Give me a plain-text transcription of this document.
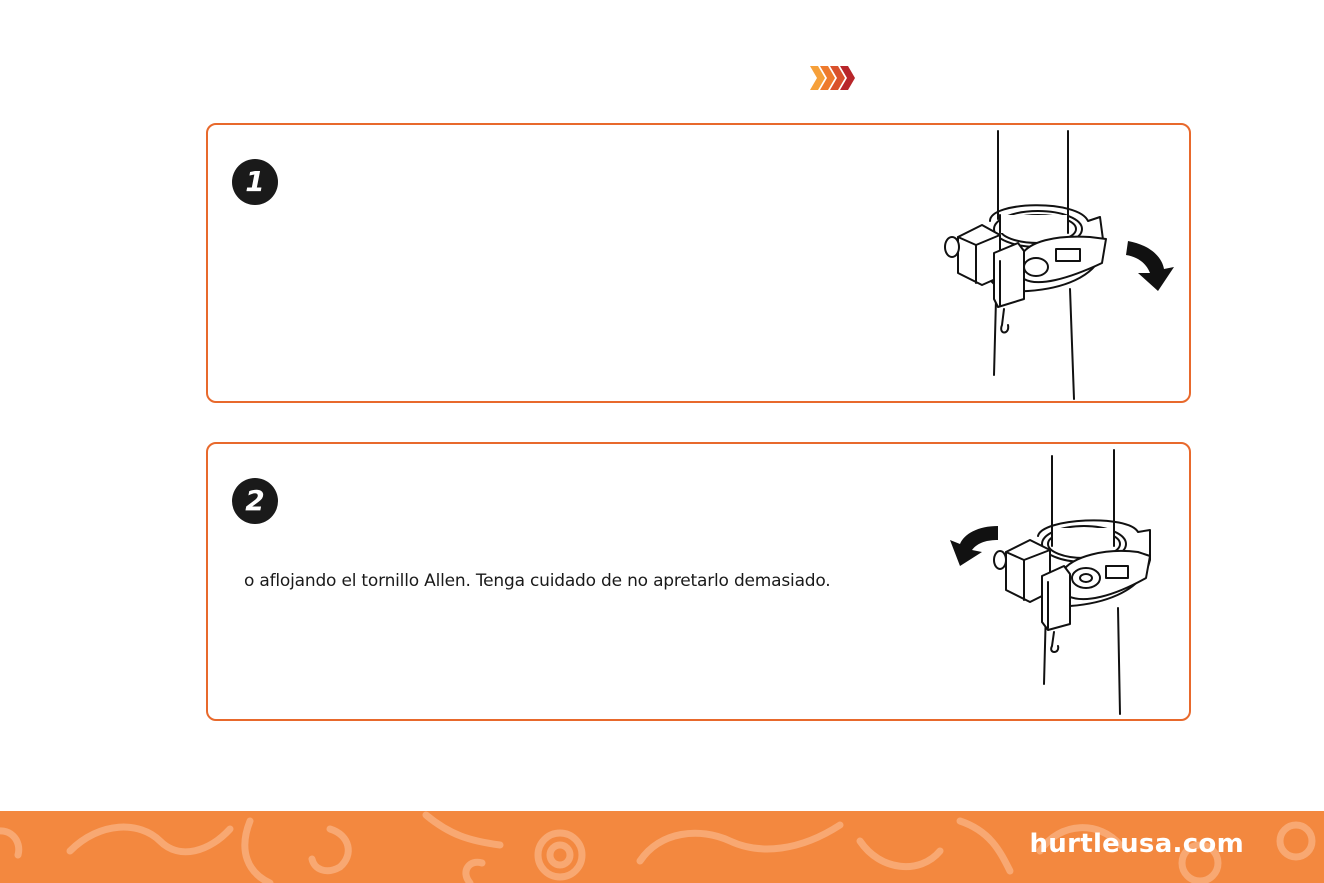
1
2
o aflojando el tornillo Allen. Tenga cuidado de no apretarlo demasiado.
hurtleusa.com
